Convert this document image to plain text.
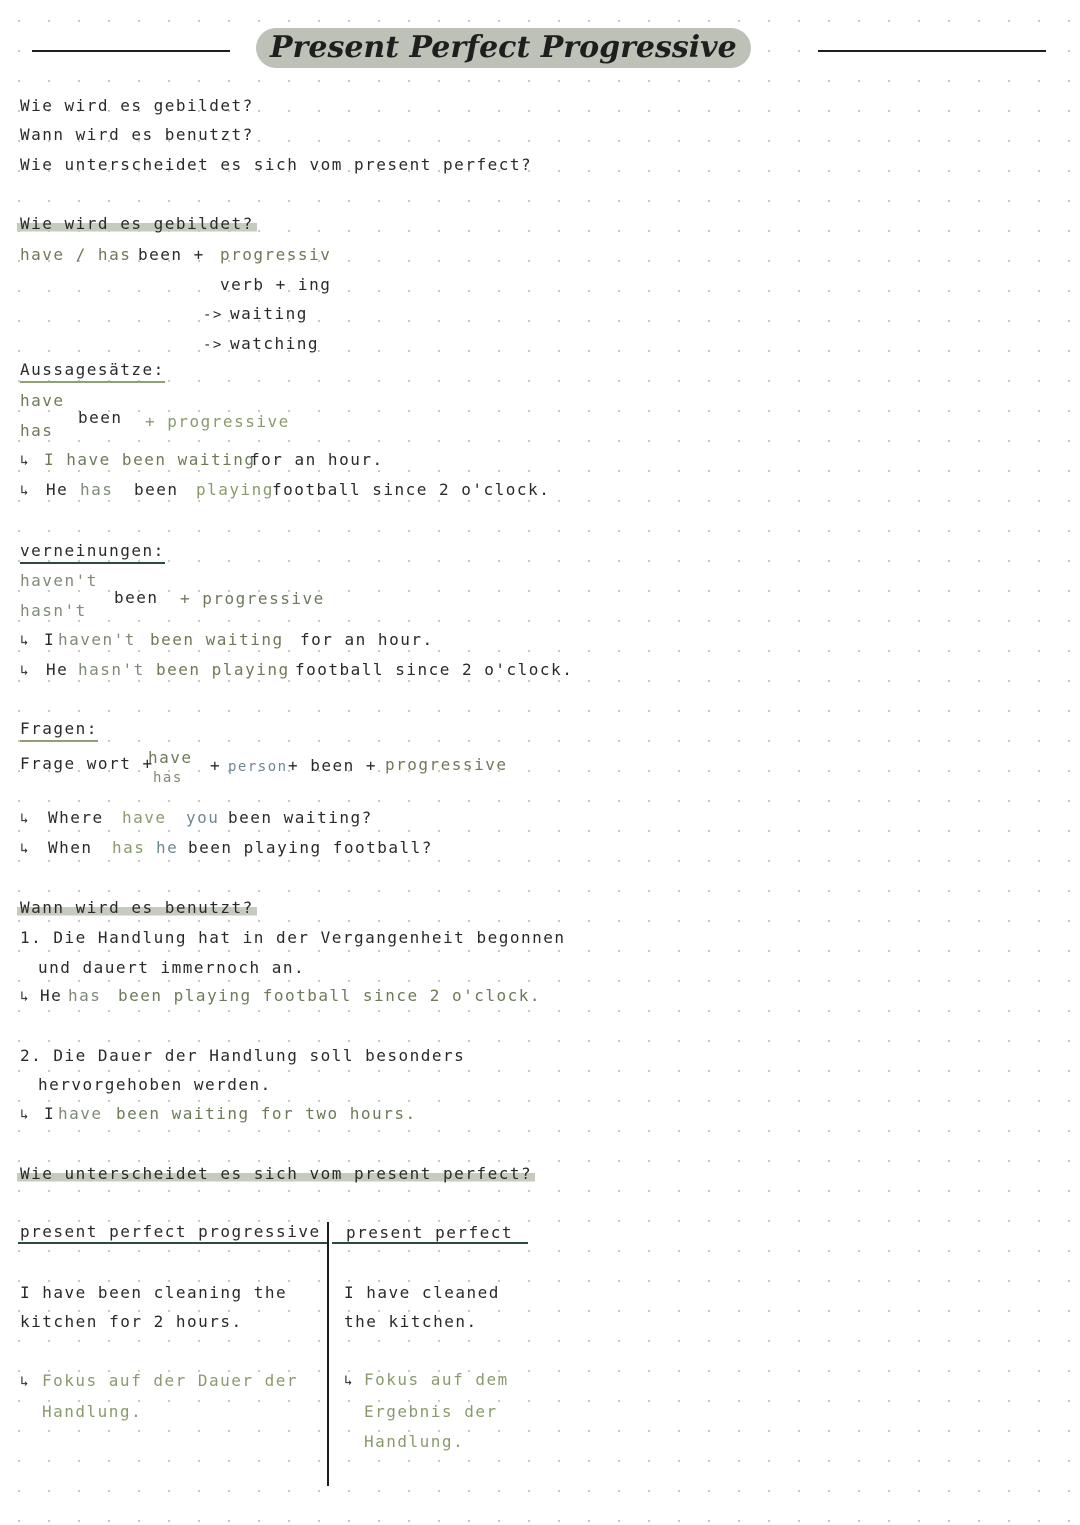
Present Perfect Progressive
Wie wird es gebildet?
Wann wird es benutzt?
Wie unterscheidet es sich vom present perfect?
Wie wird es gebildet?
have / has been + progressiv
verb + ing
-> waiting
-> watching
Aussagesätze:
have
has
been + progressive
↳ I have been waiting
for an hour.
↳ He has been playing
football since 2 o'clock.
verneinungen:
haven't
hasn't
been + progressive
↳ I haven't been waiting for an hour.
↳ He hasn't been playing football since 2 o'clock.
Fragen:
Frage wort +
have
has
+ person + been + progressive
↳ Where have you been waiting?
↳ When has he been playing football?
Wann wird es benutzt?
1. Die Handlung hat in der Vergangenheit begonnen
und dauert immernoch an.
↳ He has been playing football since 2 o'clock.
2. Die Dauer der Handlung soll besonders
hervorgehoben werden.
↳ I have been waiting for two hours.
Wie unterscheidet es sich vom present perfect?
present perfect progressive present perfect
I have been cleaning the
kitchen for 2 hours.
I have cleaned
the kitchen.
↳ Fokus auf der Dauer der
Handlung.
↳ Fokus auf dem
Ergebnis der
Handlung.
